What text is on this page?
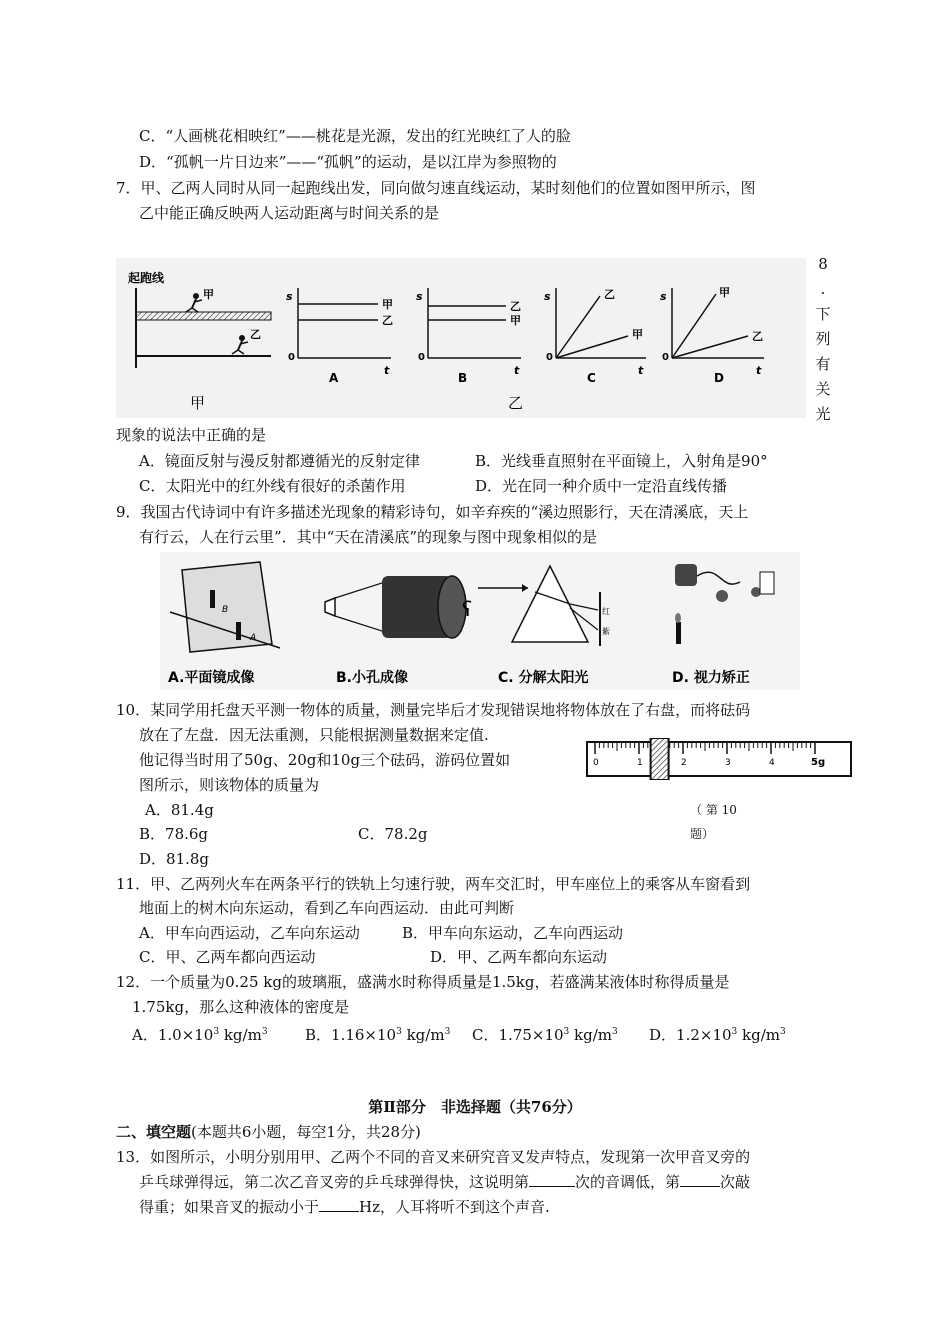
C．“人画桃花相映红”——桃花是光源，发出的红光映红了人的脸
D．“孤帆一片日边来”——“孤帆”的运动，是以江岸为参照物的
7．甲、乙两人同时从同一起跑线出发，同向做匀速直线运动，某时刻他们的位置如图甲所示，图
乙中能正确反映两人运动距离与时间关系的是
起跑线
甲
乙
s
0
t
甲
乙
A
s
0
t
乙
甲
B
s
0
t
乙
甲
C
s
0
t
甲
乙
D
甲	乙
8
.
下
列
有
关
光
现象的说法中正确的是
A．镜面反射与漫反射都遵循光的反射定律	B．光线垂直照射在平面镜上，入射角是90°
C．太阳光中的红外线有很好的杀菌作用	D．光在同一种介质中一定沿直线传播
9．我国古代诗词中有许多描述光现象的精彩诗句，如辛弃疾的“溪边照影行，天在清溪底，天上
有行云，人在行云里”．其中“天在清溪底”的现象与图中现象相似的是
B
A
ʕ	红
紫
A.平面镜成像	B.小孔成像	C. 分解太阳光	D. 视力矫正
10．某同学用托盘天平测一物体的质量，测量完毕后才发现错误地将物体放在了右盘，而将砝码
放在了左盘．因无法重测，只能根据测量数据来定值.
他记得当时用了50g、20g和10g三个砝码，游码位置如
图所示，则该物体的质量为
A．81.4g
B．78.6g	C．78.2g
D．81.8g
0	1	2	3	4	5g
（ 第 10
题）
11．甲、乙两列火车在两条平行的铁轨上匀速行驶，两车交汇时，甲车座位上的乘客从车窗看到
地面上的树木向东运动，看到乙车向西运动．由此可判断
A．甲车向西运动，乙车向东运动	B．甲车向东运动，乙车向西运动
C．甲、乙两车都向西运动	D．甲、乙两车都向东运动
12．一个质量为0.25 kg的玻璃瓶，盛满水时称得质量是1.5kg，若盛满某液体时称得质量是
1.75kg，那么这种液体的密度是
A．$1.0\times 10^3$ $kg/m^3$ B．$1.16\times 10^3$ $kg/m^3$ C．$1.75\times 10^3$ $kg/m^3$ D．$1.2\times 10^3$ $kg/m^3$
第Ⅱ部分　非选择题（共76分）
二、填空题(本题共6小题，每空1分，共28分)
13．如图所示，小明分别用甲、乙两个不同的音叉来研究音叉发声特点，发现第一次甲音叉旁的
乒乓球弹得远，第二次乙音叉旁的乒乓球弹得快，这说明第	次的音调低，第	次敲
得重；如果音叉的振动小于	Hz，人耳将听不到这个声音.
